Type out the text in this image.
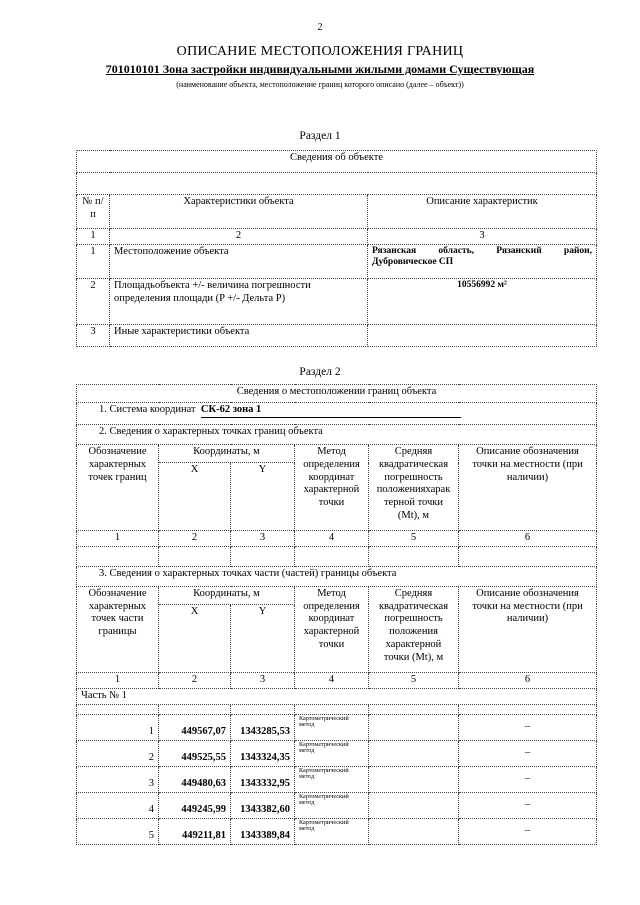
2
ОПИСАНИЕ МЕСТОПОЛОЖЕНИЯ ГРАНИЦ
701010101 Зона застройки индивидуальными жилыми домами Существующая
(наименование объекта, местоположение границ которого описано (далее – объект))
Раздел 1
Сведения об объекте		

№ п/п	Характеристики объекта	Описание характеристик
1	2	3
1	Местоположение объекта	Рязанская область, Рязанский район, Дубровическое СП
2	Площадьобъекта +/- величина погрешности определения площади (P +/- Дельта P)	10556992 м²
3	Иные характеристики объекта	
Раздел 2
Сведения о местоположении границ объекта					
1. Система координат СК-62 зона 1					
2. Сведения о характерных точках границ объекта					
Обозначение характерных точек границ	Координаты, м		Метод определения координат характерной точки	Средняя квадратическая погрешность положенияхарак терной точки (Mt), м	Описание обозначения точки на местности (при наличии)
	X	Y			
1	2	3	4	5	6

3. Сведения о характерных точках части (частей) границы объекта					
Обозначение характерных точек части границы	Координаты, м		Метод определения координат характерной точки	Средняя квадратическая погрешность положения характерной точки (Mt), м	Описание обозначения точки на местности (при наличии)
	X	Y			
1	2	3	4	5	6
Часть № 1					

1	449567,07	1343285,53	Картометрический метод		–
2	449525,55	1343324,35	Картометрический метод		–
3	449480,63	1343332,95	Картометрический метод		–
4	449245,99	1343382,60	Картометрический метод		–
5	449211,81	1343389,84	Картометрический метод		–
